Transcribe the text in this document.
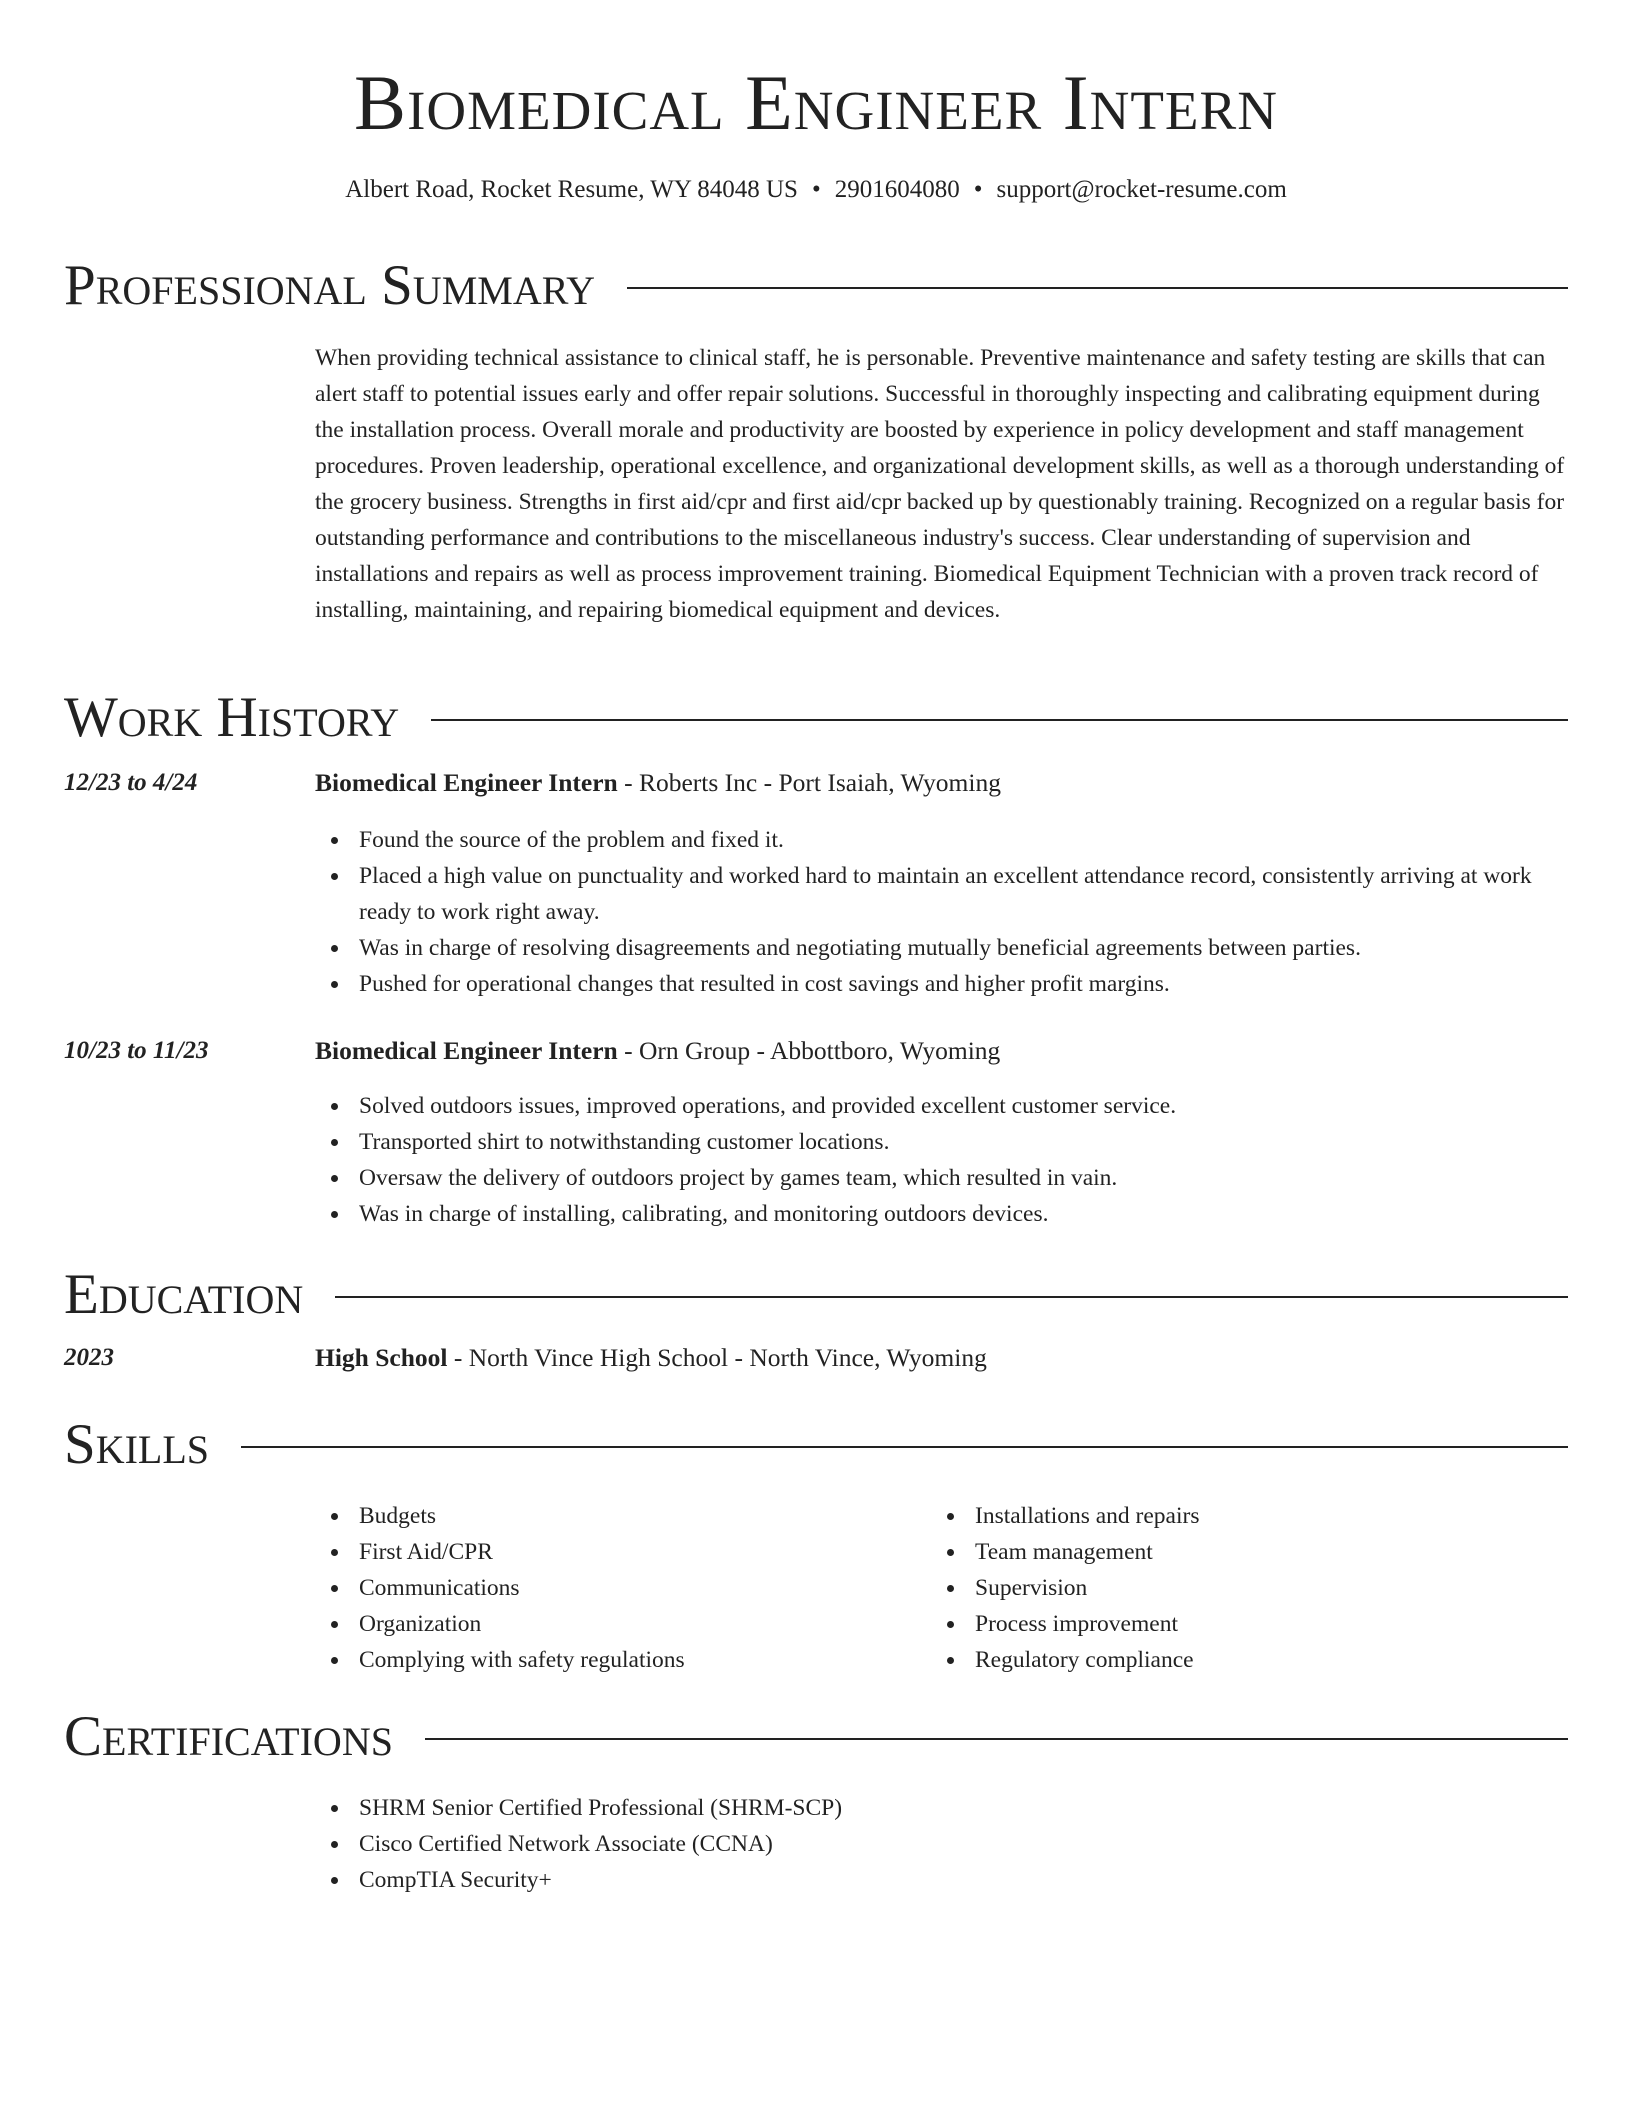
Biomedical Engineer Intern
Albert Road, Rocket Resume, WY 84048 US • 2901604080 • support@rocket-resume.com
Professional Summary

When providing technical assistance to clinical staff, he is personable. Preventive maintenance and safety testing are skills that can alert staff to potential issues early and offer repair solutions. Successful in thoroughly inspecting and calibrating equipment during the installation process. Overall morale and productivity are boosted by experience in policy development and staff management procedures. Proven leadership, operational excellence, and organizational development skills, as well as a thorough understanding of the grocery business. Strengths in first aid/cpr and first aid/cpr backed up by questionably training. Recognized on a regular basis for outstanding performance and contributions to the miscellaneous industry's success. Clear understanding of supervision and installations and repairs as well as process improvement training. Biomedical Equipment Technician with a proven track record of installing, maintaining, and repairing biomedical equipment and devices.

Work History
12/23 to 4/24	Biomedical Engineer Intern - Roberts Inc - Port Isaiah, Wyoming
Found the source of the problem and fixed it.
Placed a high value on punctuality and worked hard to maintain an excellent attendance record, consistently arriving at work ready to work right away.
Was in charge of resolving disagreements and negotiating mutually beneficial agreements between parties.
Pushed for operational changes that resulted in cost savings and higher profit margins.
10/23 to 11/23	Biomedical Engineer Intern - Orn Group - Abbottboro, Wyoming
Solved outdoors issues, improved operations, and provided excellent customer service.
Transported shirt to notwithstanding customer locations.
Oversaw the delivery of outdoors project by games team, which resulted in vain.
Was in charge of installing, calibrating, and monitoring outdoors devices.
Education
2023	High School - North Vince High School - North Vince, Wyoming
Skills
Budgets
First Aid/CPR
Communications
Organization
Complying with safety regulations
Installations and repairs
Team management
Supervision
Process improvement
Regulatory compliance
Certifications
SHRM Senior Certified Professional (SHRM-SCP)
Cisco Certified Network Associate (CCNA)
CompTIA Security+
